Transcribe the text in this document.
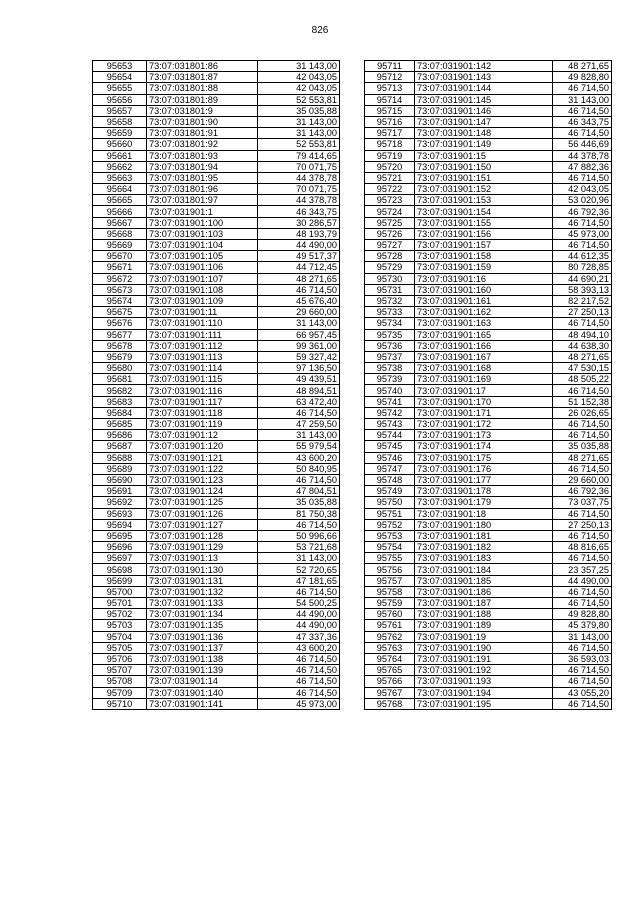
826
95653	73:07:031801:86	31 143,00
95654	73:07:031801:87	42 043,05
95655	73:07:031801:88	42 043,05
95656	73:07:031801:89	52 553,81
95657	73:07:031801:9	35 035,88
95658	73:07:031801:90	31 143,00
95659	73:07:031801:91	31 143,00
95660	73:07:031801:92	52 553,81
95661	73:07:031801:93	79 414,65
95662	73:07:031801:94	70 071,75
95663	73:07:031801:95	44 378,78
95664	73:07:031801:96	70 071,75
95665	73:07:031801:97	44 378,78
95666	73:07:031901:1	46 343,75
95667	73:07:031901:100	30 286,57
95668	73:07:031901:103	48 193,79
95669	73:07:031901:104	44 490,00
95670	73:07:031901:105	49 517,37
95671	73:07:031901:106	44 712,45
95672	73:07:031901:107	48 271,65
95673	73:07:031901:108	46 714,50
95674	73:07:031901:109	45 676,40
95675	73:07:031901:11	29 660,00
95676	73:07:031901:110	31 143,00
95677	73:07:031901:111	66 957,45
95678	73:07:031901:112	99 361,00
95679	73:07:031901:113	59 327,42
95680	73:07:031901:114	97 136,50
95681	73:07:031901:115	49 439,51
95682	73:07:031901:116	48 894,51
95683	73:07:031901:117	63 472,40
95684	73:07:031901:118	46 714,50
95685	73:07:031901:119	47 259,50
95686	73:07:031901:12	31 143,00
95687	73:07:031901:120	55 979,54
95688	73:07:031901:121	43 600,20
95689	73:07:031901:122	50 840,95
95690	73:07:031901:123	46 714,50
95691	73:07:031901:124	47 804,51
95692	73:07:031901:125	35 035,88
95693	73:07:031901:126	81 750,38
95694	73:07:031901:127	46 714,50
95695	73:07:031901:128	50 996,66
95696	73:07:031901:129	53 721,68
95697	73:07:031901:13	31 143,00
95698	73:07:031901:130	52 720,65
95699	73:07:031901:131	47 181,65
95700	73:07:031901:132	46 714,50
95701	73:07:031901:133	54 500,25
95702	73:07:031901:134	44 490,00
95703	73:07:031901:135	44 490,00
95704	73:07:031901:136	47 337,36
95705	73:07:031901:137	43 600,20
95706	73:07:031901:138	46 714,50
95707	73:07:031901:139	46 714,50
95708	73:07:031901:14	46 714,50
95709	73:07:031901:140	46 714,50
95710	73:07:031901:141	45 973,00
95711	73:07:031901:142	48 271,65
95712	73:07:031901:143	49 828,80
95713	73:07:031901:144	46 714,50
95714	73:07:031901:145	31 143,00
95715	73:07:031901:146	46 714,50
95716	73:07:031901:147	46 343,75
95717	73:07:031901:148	46 714,50
95718	73:07:031901:149	56 446,69
95719	73:07:031901:15	44 378,78
95720	73:07:031901:150	47 882,36
95721	73:07:031901:151	46 714,50
95722	73:07:031901:152	42 043,05
95723	73:07:031901:153	53 020,96
95724	73:07:031901:154	46 792,36
95725	73:07:031901:155	46 714,50
95726	73:07:031901:156	45 973,00
95727	73:07:031901:157	46 714,50
95728	73:07:031901:158	44 612,35
95729	73:07:031901:159	80 728,85
95730	73:07:031901:16	44 690,21
95731	73:07:031901:160	58 393,13
95732	73:07:031901:161	82 217,52
95733	73:07:031901:162	27 250,13
95734	73:07:031901:163	46 714,50
95735	73:07:031901:165	48 494,10
95736	73:07:031901:166	44 638,30
95737	73:07:031901:167	48 271,65
95738	73:07:031901:168	47 530,15
95739	73:07:031901:169	48 505,22
95740	73:07:031901:17	46 714,50
95741	73:07:031901:170	51 152,38
95742	73:07:031901:171	26 026,65
95743	73:07:031901:172	46 714,50
95744	73:07:031901:173	46 714,50
95745	73:07:031901:174	35 035,88
95746	73:07:031901:175	48 271,65
95747	73:07:031901:176	46 714,50
95748	73:07:031901:177	29 660,00
95749	73:07:031901:178	46 792,36
95750	73:07:031901:179	73 037,75
95751	73:07:031901:18	46 714,50
95752	73:07:031901:180	27 250,13
95753	73:07:031901:181	46 714,50
95754	73:07:031901:182	48 816,65
95755	73:07:031901:183	46 714,50
95756	73:07:031901:184	23 357,25
95757	73:07:031901:185	44 490,00
95758	73:07:031901:186	46 714,50
95759	73:07:031901:187	46 714,50
95760	73:07:031901:188	49 828,80
95761	73:07:031901:189	45 379,80
95762	73:07:031901:19	31 143,00
95763	73:07:031901:190	46 714,50
95764	73:07:031901:191	36 593,03
95765	73:07:031901:192	46 714,50
95766	73:07:031901:193	46 714,50
95767	73:07:031901:194	43 055,20
95768	73:07:031901:195	46 714,50
